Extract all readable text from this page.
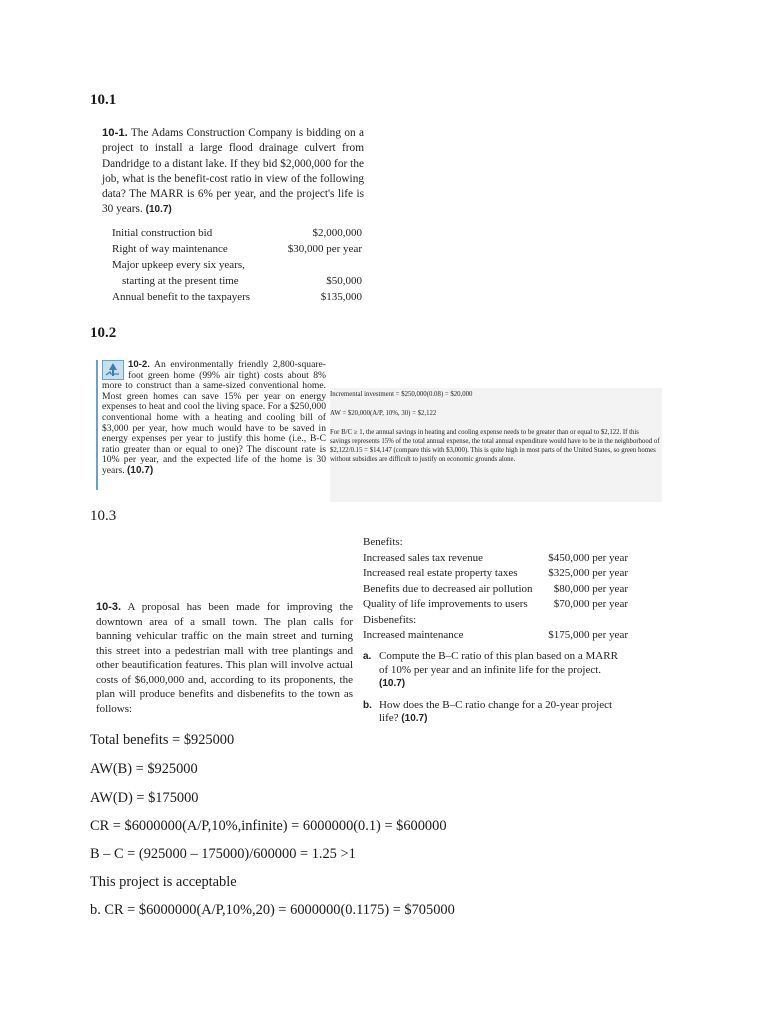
10.1
10-1. The Adams Construction Company is bidding on a project to install a large flood drainage culvert from Dandridge to a distant lake. If they bid $2,000,000 for the job, what is the benefit-cost ratio in view of the following data? The MARR is 6% per year, and the project's life is 30 years. (10.7)
Initial construction bid	$2,000,000
Right of way maintenance	$30,000 per year
Major upkeep every six years,
starting at the present time	$50,000
Annual benefit to the taxpayers	$135,000
10.2
10-2. An environmentally friendly 2,800-square-foot green home (99% air tight) costs about 8% more to construct than a same-sized conventional home. Most green homes can save 15% per year on energy expenses to heat and cool the living space. For a $250,000 conventional home with a heating and cooling bill of $3,000 per year, how much would have to be saved in energy expenses per year to justify this home (i.e., B-C ratio greater than or equal to one)? The discount rate is 10% per year, and the expected life of the home is 30 years. (10.7)

Incremental investment = $250,000(0.08) = $20,000

AW = $20,000(A/P, 10%, 30) = $2,122

For B/C ≥ 1, the annual savings in heating and cooling expense needs to be greater than or equal to $2,122. If this savings represents 15% of the total annual expense, the total annual expenditure would have to be in the neighborhood of $2,122/0.15 = $14,147 (compare this with $3,000). This is quite high in most parts of the United States, so green homes without subsidies are difficult to justify on economic grounds alone.

10.3
Benefits:
Increased sales tax revenue	$450,000 per year
Increased real estate property taxes	$325,000 per year
Benefits due to decreased air pollution $80,000 per year
Quality of life improvements to users $70,000 per year
Disbenefits:
Increased maintenance	$175,000 per year
a. Compute the B–C ratio of this plan based on a MARR of 10% per year and an infinite life for the project. (10.7)
b. How does the B–C ratio change for a 20-year project life? (10.7)
10-3. A proposal has been made for improving the downtown area of a small town. The plan calls for banning vehicular traffic on the main street and turning this street into a pedestrian mall with tree plantings and other beautification features. This plan will involve actual costs of $6,000,000 and, according to its proponents, the plan will produce benefits and disbenefits to the town as follows:
Total benefits = $925000
AW(B) = $925000
AW(D) = $175000
CR = $6000000(A/P,10%,infinite) = 6000000(0.1) = $600000
B – C = (925000 – 175000)/600000 = 1.25 >1
This project is acceptable
b. CR = $6000000(A/P,10%,20) = 6000000(0.1175) = $705000
